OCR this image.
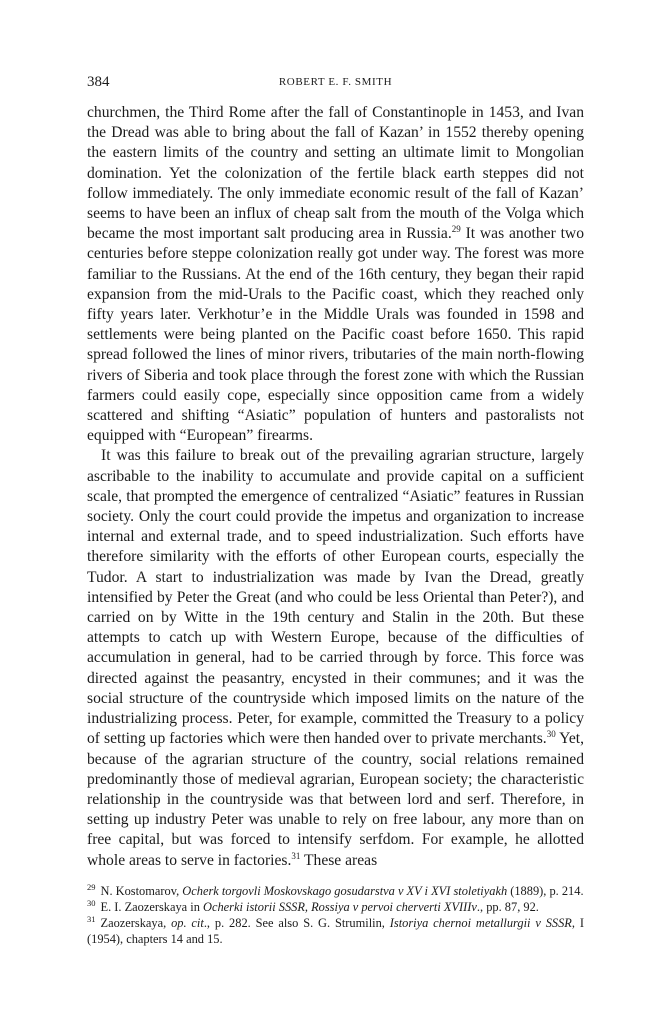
384	ROBERT E. F. SMITH

churchmen, the Third Rome after the fall of Constantinople in 1453, and Ivan the Dread was able to bring about the fall of Kazan’ in 1552 thereby opening the eastern limits of the country and setting an ultimate limit to Mongolian domination. Yet the colonization of the fertile black earth steppes did not follow immediately. The only immediate economic result of the fall of Kazan’ seems to have been an influx of cheap salt from the mouth of the Volga which became the most important salt producing area in Russia.$^{29}$ It was another two centuries before steppe colonization really got under way. The forest was more familiar to the Russians. At the end of the 16th century, they began their rapid expansion from the mid-Urals to the Pacific coast, which they reached only fifty years later. Verkhotur’e in the Middle Urals was founded in 1598 and settlements were being planted on the Pacific coast before 1650. This rapid spread followed the lines of minor rivers, tributaries of the main north-flowing rivers of Siberia and took place through the forest zone with which the Russian farmers could easily cope, especially since opposition came from a widely scattered and shifting “Asiatic” population of hunters and pastoralists not equipped with “European” firearms.

It was this failure to break out of the prevailing agrarian structure, largely ascribable to the inability to accumulate and provide capital on a sufficient scale, that prompted the emergence of centralized “Asiatic” features in Russian society. Only the court could provide the impetus and organization to increase internal and external trade, and to speed industrialization. Such efforts have therefore similarity with the efforts of other European courts, especially the Tudor. A start to industrialization was made by Ivan the Dread, greatly intensified by Peter the Great (and who could be less Oriental than Peter?), and carried on by Witte in the 19th century and Stalin in the 20th. But these attempts to catch up with Western Europe, because of the difficulties of accumulation in general, had to be carried through by force. This force was directed against the peasantry, encysted in their communes; and it was the social structure of the countryside which imposed limits on the nature of the industrializing process. Peter, for example, committed the Treasury to a policy of setting up factories which were then handed over to private merchants.$^{30}$ Yet, because of the agrarian structure of the country, social relations remained predominantly those of medieval agrarian, European society; the characteristic relationship in the countryside was that between lord and serf. Therefore, in setting up industry Peter was unable to rely on free labour, any more than on free capital, but was forced to intensify serfdom. For example, he allotted whole areas to serve in factories.$^{31}$ These areas

$^{29}$ N. Kostomarov, Ocherk torgovli Moskovskago gosudarstva v XV i XVI stoletiyakh (1889), p. 214.

$^{30}$ E. I. Zaozerskaya in Ocherki istorii SSSR, Rossiya v pervoi cherverti XVIIIv., pp. 87, 92.

$^{31}$ Zaozerskaya, op. cit., p. 282. See also S. G. Strumilin, Istoriya chernoi metallurgii v SSSR, I (1954), chapters 14 and 15.
